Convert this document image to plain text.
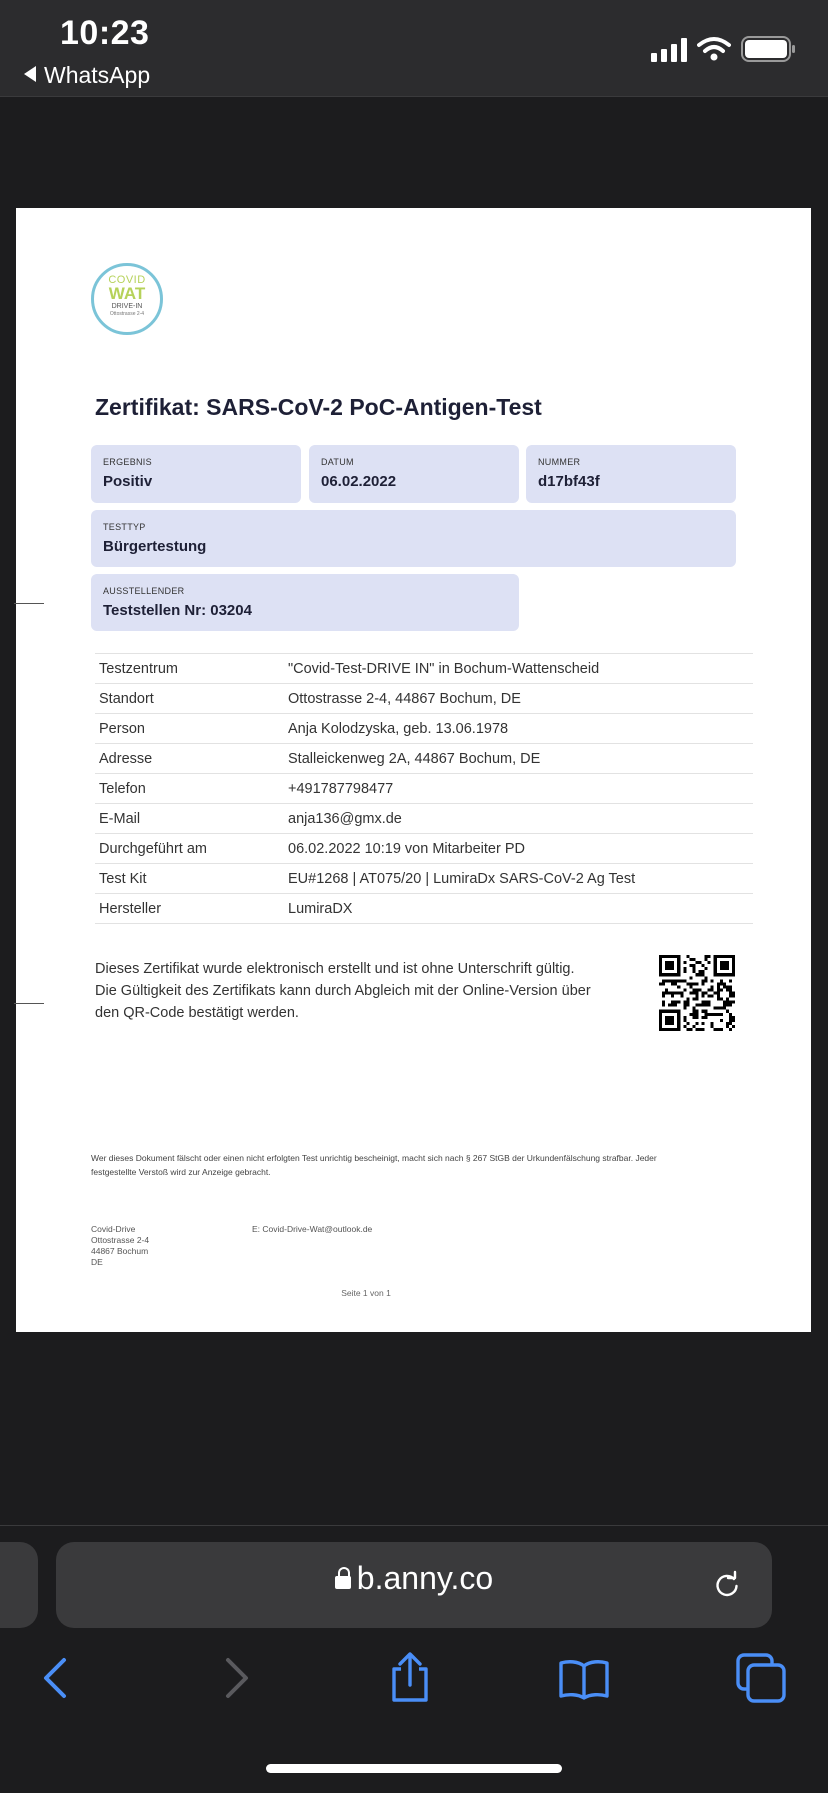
10:23
WhatsApp
COVID
WAT
DRIVE-IN
Ottostrasse 2-4
Zertifikat: SARS-CoV-2 PoC-Antigen-Test
ERGEBNIS
Positiv
DATUM
06.02.2022
NUMMER
d17bf43f
TESTTYP
Bürgertestung
AUSSTELLENDER
Teststellen Nr: 03204
Testzentrum	"Covid-Test-DRIVE IN" in Bochum-Wattenscheid
Standort	Ottostrasse 2-4, 44867 Bochum, DE
Person	Anja Kolodzyska, geb. 13.06.1978
Adresse	Stalleickenweg 2A, 44867 Bochum, DE
Telefon	+491787798477
E-Mail	anja136@gmx.de
Durchgeführt am	06.02.2022 10:19 von Mitarbeiter PD
Test Kit	EU#1268 | AT075/20 | LumiraDx SARS-CoV-2 Ag Test
Hersteller	LumiraDX
Dieses Zertifikat wurde elektronisch erstellt und ist ohne Unterschrift gültig.
Die Gültigkeit des Zertifikats kann durch Abgleich mit der Online-Version über
den QR-Code bestätigt werden.
Wer dieses Dokument fälscht oder einen nicht erfolgten Test unrichtig bescheinigt, macht sich nach § 267 StGB der Urkundenfälschung strafbar. Jeder
festgestellte Verstoß wird zur Anzeige gebracht.
Covid-Drive
Ottostrasse 2-4
44867 Bochum
DE
E: Covid-Drive-Wat@outlook.de
Seite 1 von 1
b.anny.co
